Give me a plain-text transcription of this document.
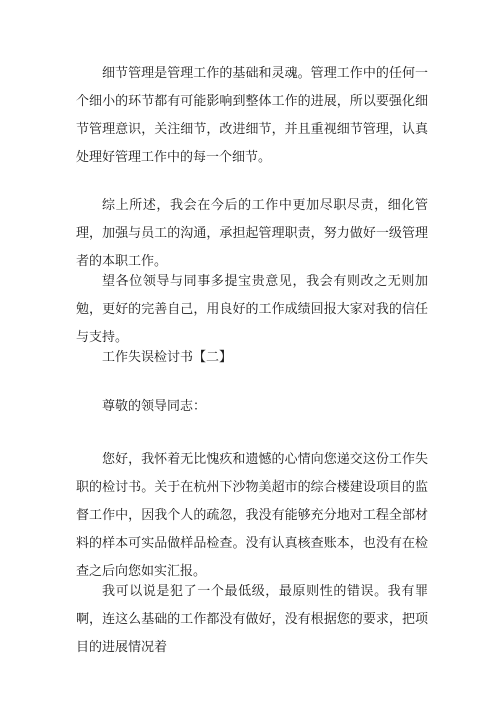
细节管理是管理工作的基础和灵魂。管理工作中的任何一个细小的环节都有可能影响到整体工作的进展，所以要强化细节管理意识，关注细节，改进细节，并且重视细节管理，认真处理好管理工作中的每一个细节。

综上所述，我会在今后的工作中更加尽职尽责，细化管理，加强与员工的沟通，承担起管理职责，努力做好一级管理者的本职工作。

望各位领导与同事多提宝贵意见，我会有则改之无则加勉，更好的完善自己，用良好的工作成绩回报大家对我的信任与支持。

工作失误检讨书【二】

尊敬的领导同志：

您好，我怀着无比愧疚和遗憾的心情向您递交这份工作失职的检讨书。关于在杭州下沙物美超市的综合楼建设项目的监督工作中，因我个人的疏忽，我没有能够充分地对工程全部材料的样本可实品做样品检查。没有认真核查账本，也没有在检查之后向您如实汇报。

我可以说是犯了一个最低级，最原则性的错误。我有罪啊，连这么基础的工作都没有做好，没有根据您的要求，把项目的进展情况着
